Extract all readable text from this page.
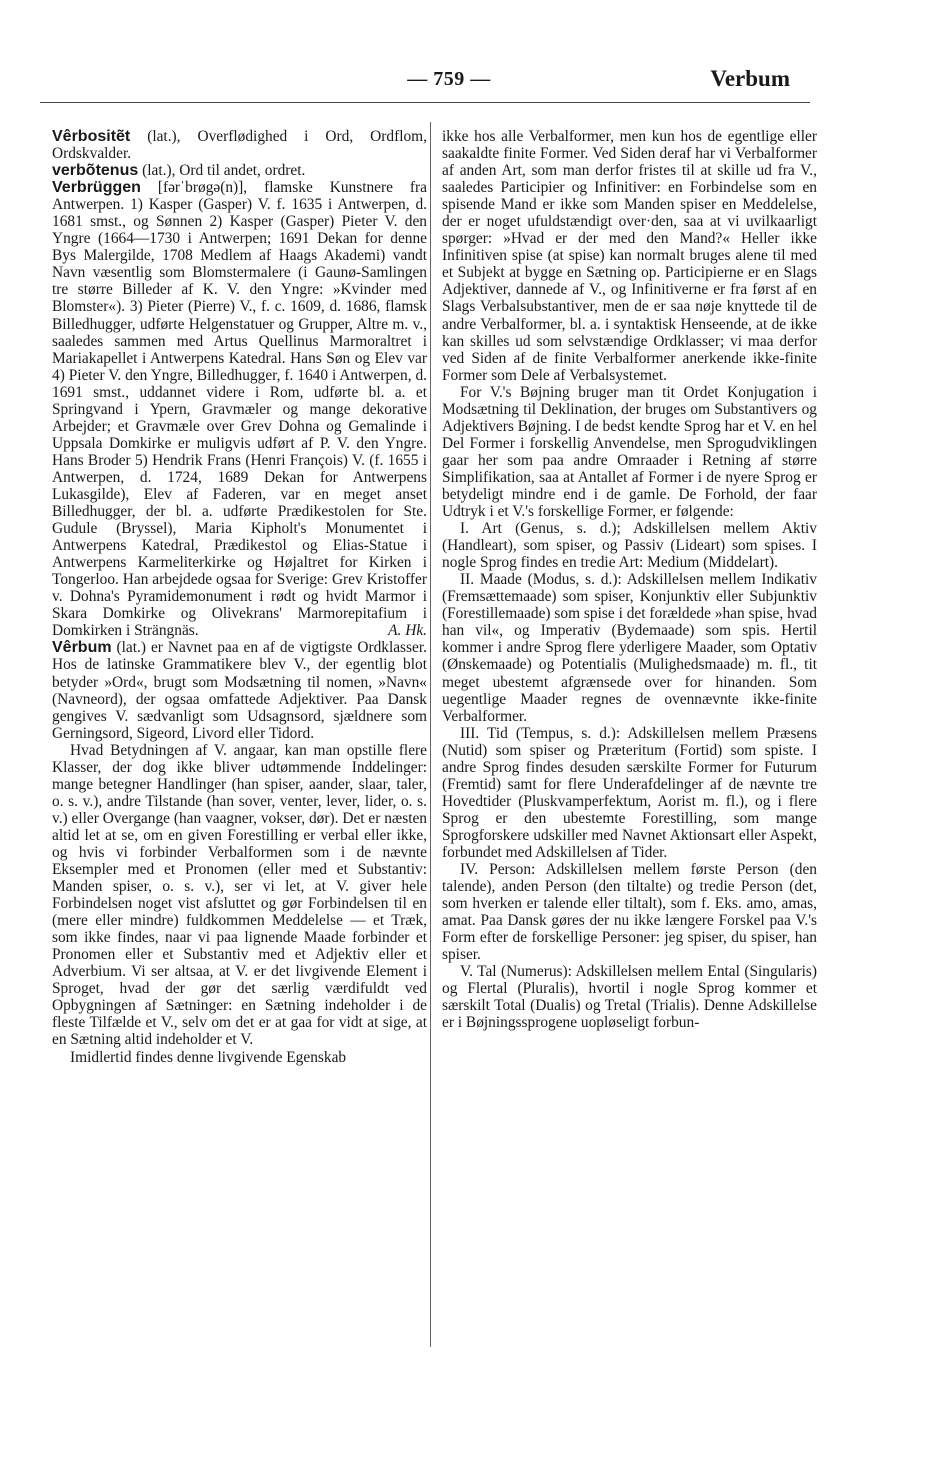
— 759 —	Verbum

Vêrbositẽt (lat.), Overflødighed i Ord, Ordflom, Ordskvalder.

verbõtenus (lat.), Ord til andet, ordret.

Verbrüggen [fərˈbrøgə(n)], flamske Kunstnere fra Antwerpen. 1) Kasper (Gasper) V. f. 1635 i Antwerpen, d. 1681 smst., og Sønnen 2) Kasper (Gasper) Pieter V. den Yngre (1664—1730 i Antwerpen; 1691 Dekan for denne Bys Malergilde, 1708 Medlem af Haags Akademi) vandt Navn væsentlig som Blomstermalere (i Gaunø-Samlingen tre større Billeder af K. V. den Yngre: »Kvinder med Blomster«). 3) Pieter (Pierre) V., f. c. 1609, d. 1686, flamsk Billedhugger, udførte Helgenstatuer og Grupper, Altre m. v., saaledes sammen med Artus Quellinus Marmoraltret i Mariakapellet i Antwerpens Katedral. Hans Søn og Elev var 4) Pieter V. den Yngre, Billedhugger, f. 1640 i Antwerpen, d. 1691 smst., uddannet videre i Rom, udførte bl. a. et Springvand i Ypern, Gravmæler og mange dekorative Arbejder; et Gravmæle over Grev Dohna og Gemalinde i Uppsala Domkirke er muligvis udført af P. V. den Yngre. Hans Broder 5) Hendrik Frans (Henri François) V. (f. 1655 i Antwerpen, d. 1724, 1689 Dekan for Antwerpens Lukasgilde), Elev af Faderen, var en meget anset Billedhugger, der bl. a. udførte Prædikestolen for Ste. Gudule (Bryssel), Maria Kipholt's Monumentet i Antwerpens Katedral, Prædikestol og Elias-Statue i Antwerpens Karmeliterkirke og Højaltret for Kirken i Tongerloo. Han arbejdede ogsaa for Sverige: Grev Kristoffer v. Dohna's Pyramidemonument i rødt og hvidt Marmor i Skara Domkirke og Olivekrans' Marmorepitafium i Domkirken i Strängnäs.	A. Hk.

Vêrbum (lat.) er Navnet paa en af de vigtigste Ordklasser. Hos de latinske Grammatikere blev V., der egentlig blot betyder »Ord«, brugt som Modsætning til nomen, »Navn« (Navneord), der ogsaa omfattede Adjektiver. Paa Dansk gengives V. sædvanligt som Udsagnsord, sjældnere som Gerningsord, Sigeord, Livord eller Tidord.

Hvad Betydningen af V. angaar, kan man opstille flere Klasser, der dog ikke bliver udtømmende Inddelinger: mange betegner Handlinger (han spiser, aander, slaar, taler, o. s. v.), andre Tilstande (han sover, venter, lever, lider, o. s. v.) eller Overgange (han vaagner, vokser, dør). Det er næsten altid let at se, om en given Forestilling er verbal eller ikke, og hvis vi forbinder Verbalformen som i de nævnte Eksempler med et Pronomen (eller med et Substantiv: Manden spiser, o. s. v.), ser vi let, at V. giver hele Forbindelsen noget vist afsluttet og gør Forbindelsen til en (mere eller mindre) fuldkommen Meddelelse — et Træk, som ikke findes, naar vi paa lignende Maade forbinder et Pronomen eller et Substantiv med et Adjektiv eller et Adverbium. Vi ser altsaa, at V. er det livgivende Element i Sproget, hvad der gør det særlig værdifuldt ved Opbygningen af Sætninger: en Sætning indeholder i de fleste Tilfælde et V., selv om det er at gaa for vidt at sige, at en Sætning altid indeholder et V.

Imidlertid findes denne livgivende Egenskab

ikke hos alle Verbalformer, men kun hos de egentlige eller saakaldte finite Former. Ved Siden deraf har vi Verbalformer af anden Art, som man derfor fristes til at skille ud fra V., saaledes Participier og Infinitiver: en Forbindelse som en spisende Mand er ikke som Manden spiser en Meddelelse, der er noget ufuldstændigt over·den, saa at vi uvilkaarligt spørger: »Hvad er der med den Mand?« Heller ikke Infinitiven spise (at spise) kan normalt bruges alene til med et Subjekt at bygge en Sætning op. Participierne er en Slags Adjektiver, dannede af V., og Infinitiverne er fra først af en Slags Verbalsubstantiver, men de er saa nøje knyttede til de andre Verbalformer, bl. a. i syntaktisk Henseende, at de ikke kan skilles ud som selvstændige Ordklasser; vi maa derfor ved Siden af de finite Verbalformer anerkende ikke-finite Former som Dele af Verbalsystemet.

For V.'s Bøjning bruger man tit Ordet Konjugation i Modsætning til Deklination, der bruges om Substantivers og Adjektivers Bøjning. I de bedst kendte Sprog har et V. en hel Del Former i forskellig Anvendelse, men Sprogudviklingen gaar her som paa andre Omraader i Retning af større Simplifikation, saa at Antallet af Former i de nyere Sprog er betydeligt mindre end i de gamle. De Forhold, der faar Udtryk i et V.'s forskellige Former, er følgende:

I. Art (Genus, s. d.); Adskillelsen mellem Aktiv (Handleart), som spiser, og Passiv (Lideart) som spises. I nogle Sprog findes en tredie Art: Medium (Middelart).

II. Maade (Modus, s. d.): Adskillelsen mellem Indikativ (Fremsættemaade) som spiser, Konjunktiv eller Subjunktiv (Forestillemaade) som spise i det forældede »han spise, hvad han vil«, og Imperativ (Bydemaade) som spis. Hertil kommer i andre Sprog flere yderligere Maader, som Optativ (Ønskemaade) og Potentialis (Mulighedsmaade) m. fl., tit meget ubestemt afgrænsede over for hinanden. Som uegentlige Maader regnes de ovennævnte ikke-finite Verbalformer.

III. Tid (Tempus, s. d.): Adskillelsen mellem Præsens (Nutid) som spiser og Præteritum (Fortid) som spiste. I andre Sprog findes desuden særskilte Former for Futurum (Fremtid) samt for flere Underafdelinger af de nævnte tre Hovedtider (Pluskvamperfektum, Aorist m. fl.), og i flere Sprog er den ubestemte Forestilling, som mange Sprogforskere udskiller med Navnet Aktionsart eller Aspekt, forbundet med Adskillelsen af Tider.

IV. Person: Adskillelsen mellem første Person (den talende), anden Person (den tiltalte) og tredie Person (det, som hverken er talende eller tiltalt), som f. Eks. amo, amas, amat. Paa Dansk gøres der nu ikke længere Forskel paa V.'s Form efter de forskellige Personer: jeg spiser, du spiser, han spiser.

V. Tal (Numerus): Adskillelsen mellem Ental (Singularis) og Flertal (Pluralis), hvortil i nogle Sprog kommer et særskilt Total (Dualis) og Tretal (Trialis). Denne Adskillelse er i Bøjningssprogene uopløseligt forbun-
